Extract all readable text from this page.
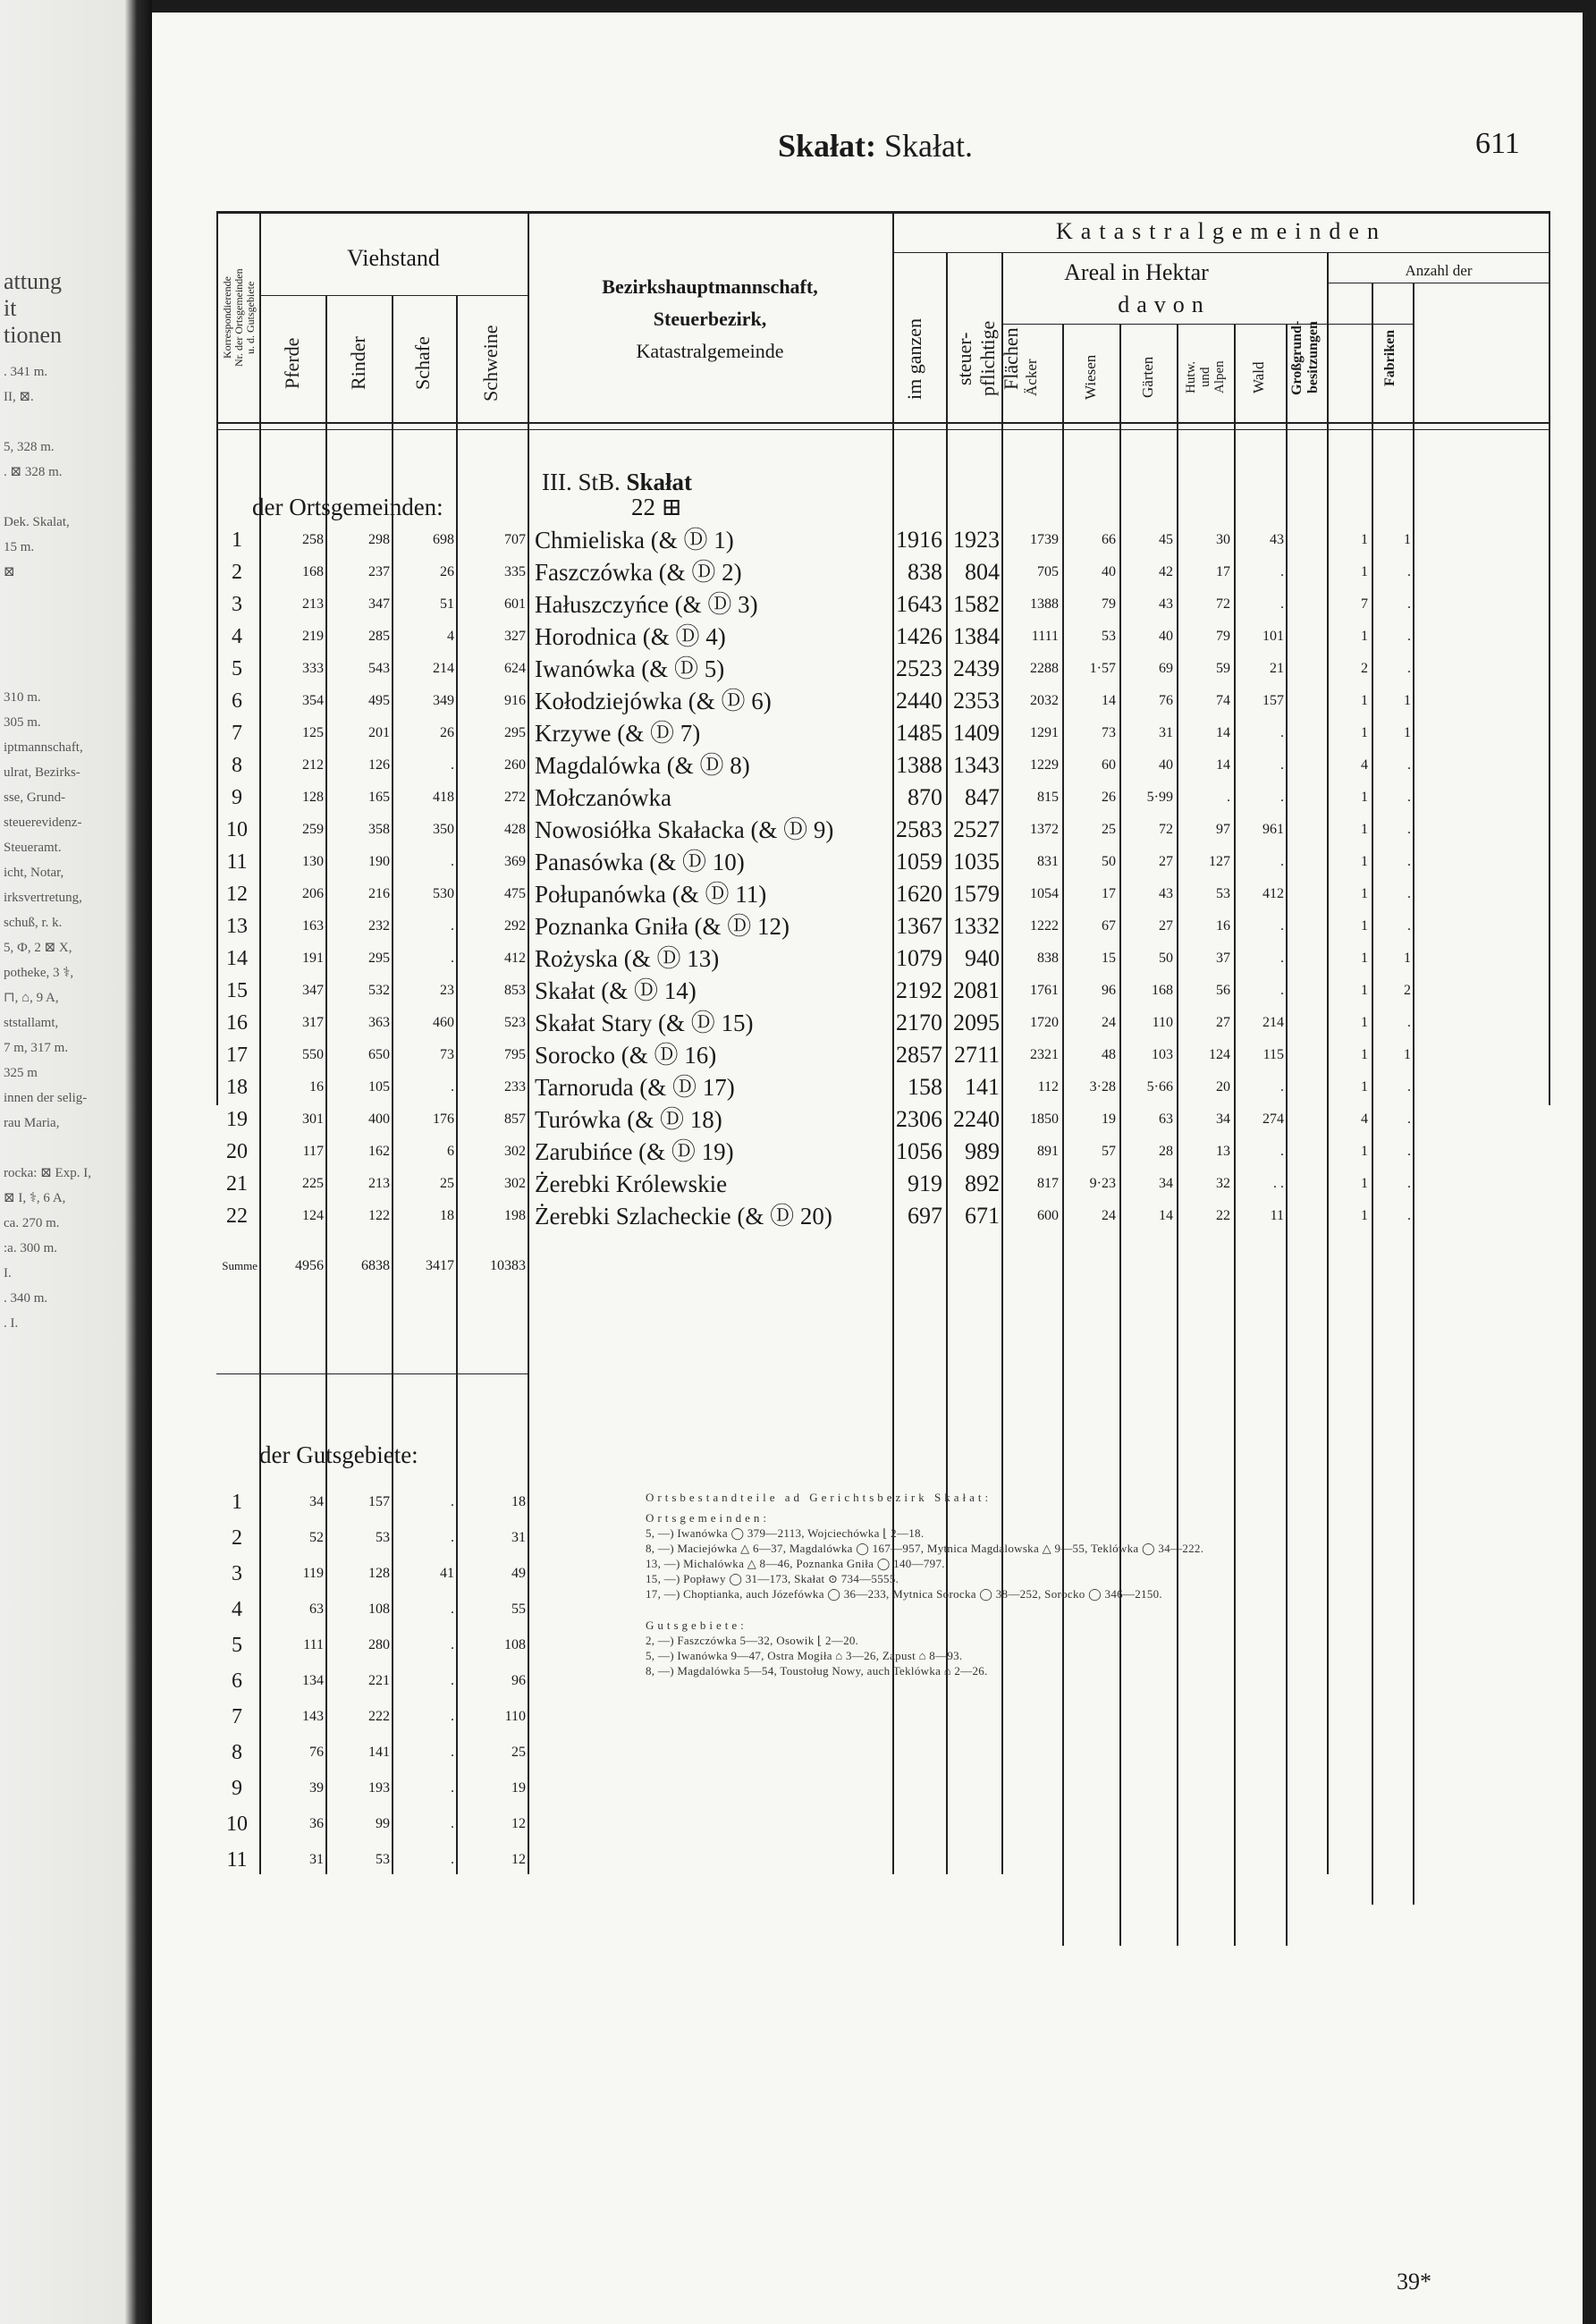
attung
it
tionen
. 341 m.
II, ⊠.
5, 328 m.
. ⊠ 328 m.
Dek. Skalat,
15 m.
⊠
310 m.
305 m.
iptmannschaft,
ulrat, Bezirks-
sse, Grund-
steuerevidenz-
Steueramt.
icht, Notar,
irksvertretung,
schuß, r. k.
5, Ф, 2 ⊠ X,
potheke, 3 ⚕,
⊓, ⌂, 9 A,
ststallamt,
7 m, 317 m.
325 m
innen der selig-
rau Maria,
rocka: ⊠ Exp. I,
⊠ I, ⚕, 6 A,
ca. 270 m.
:a. 300 m.
I.
. 340 m.
. I.
Skałat: Skałat.	611
Viehstand
Korrespondierende
Nr. der Ortsgemeinden
u. d. Gutsgebiete
Pferde Rinder Schafe Schweine
Bezirkshauptmannschaft,
Steuerbezirk,
Katastralgemeinde
Katastralgemeinden
Areal in Hektar	Anzahl der
davon
im ganzen steuer-
pflichtige
Flächen Äcker	Wiesen	Gärten Hutw.
und
Alpen Wald Großgrund-
besitzungen	Fabriken
III. StB. Skałat
22 ⊞
der Ortsgemeinden:
der Gutsgebiete:
Ortsbestandteile ad Gerichtsbezirk Skałat:
Ortsgemeinden:
5, —) Iwanówka ◯ 379—2113, Wojciechówka ⌊ 2—18.
8, —) Maciejówka △ 6—37, Magdalówka ◯ 167—957, Mytnica Magdalowska △ 9—55, Teklówka ◯ 34—222.
13, —) Michalówka △ 8—46, Poznanka Gniła ◯ 140—797.
15, —) Popławy ◯ 31—173, Skałat ⊙ 734—5555.
17, —) Choptianka, auch Józefówka ◯ 36—233, Mytnica Sorocka ◯ 38—252, Sorocko ◯ 346—2150.
Gutsgebiete:
2, —) Faszczówka 5—32, Osowik ⌊ 2—20.
5, —) Iwanówka 9—47, Ostra Mogiła ⌂ 3—26, Zapust ⌂ 8—93.
8, —) Magdalówka 5—54, Toustoług Nowy, auch Teklówka ⌂ 2—26.
1	258	298	698	707 Chmieliska (& Ⓓ 1)	1916 1923	1739	66	45	30	43	1	1
2	168	237	26	335 Faszczówka (& Ⓓ 2)	838 804	705	40	42	17	.	1	.
3	213	347	51	601 Hałuszczyńce (& Ⓓ 3)	1643 1582	1388	79	43	72	.	7	.
4	219	285	4	327 Horodnica (& Ⓓ 4)	1426 1384	1111	53	40	79	101	1	.
5	333	543	214	624 Iwanówka (& Ⓓ 5)	2523 2439	2288	1·57	69	59	21	2	.
6	354	495	349	916 Kołodziejówka (& Ⓓ 6)	2440 2353	2032	14	76	74	157	1	1
7	125	201	26	295 Krzywe (& Ⓓ 7)	1485 1409	1291	73	31	14	.	1	1
8	212	126	.	260 Magdalówka (& Ⓓ 8)	1388 1343	1229	60	40	14	.	4	.
9	128	165	418	272 Mołczanówka	870 847	815	26	5·99	.	.	1	.
10	259	358	350	428 Nowosiółka Skałacka (& Ⓓ 9)	2583 2527	1372	25	72	97	961	1	.
11	130	190	.	369 Panasówka (& Ⓓ 10)	1059 1035	831	50	27	127	.	1	.
12	206	216	530	475 Połupanówka (& Ⓓ 11)	1620 1579	1054	17	43	53	412	1	.
13	163	232	.	292 Poznanka Gniła (& Ⓓ 12)	1367 1332	1222	67	27	16	.	1	.
14	191	295	.	412 Rożyska (& Ⓓ 13)	1079 940	838	15	50	37	.	1	1
15	347	532	23	853 Skałat (& Ⓓ 14)	2192 2081	1761	96	168	56	.	1	2
16	317	363	460	523 Skałat Stary (& Ⓓ 15)	2170 2095	1720	24	110	27	214	1	.
17	550	650	73	795 Sorocko (& Ⓓ 16)	2857 2711	2321	48	103	124	115	1	1
18	16	105	.	233 Tarnoruda (& Ⓓ 17)	158 141	112	3·28	5·66	20	.	1	.
19	301	400	176	857 Turówka (& Ⓓ 18)	2306 2240	1850	19	63	34	274	4	.
20	117	162	6	302 Zarubińce (& Ⓓ 19)	1056 989	891	57	28	13	.	1	.
21	225	213	25	302 Żerebki Królewskie	919 892	817	9·23	34	32	. .	1	.
22	124	122	18	198 Żerebki Szlacheckie (& Ⓓ 20)	697 671	600	24	14	22	11	1	.
Summe	4956	6838	3417	10383
1	34	157	.	18
2	52	53	.	31
3	119	128	41	49
4	63	108	.	55
5	111	280	.	108
6	134	221	.	96
7	143	222	.	110
8	76	141	.	25
9	39	193	.	19
10	36	99	.	12
11	31	53	.	12
39*
